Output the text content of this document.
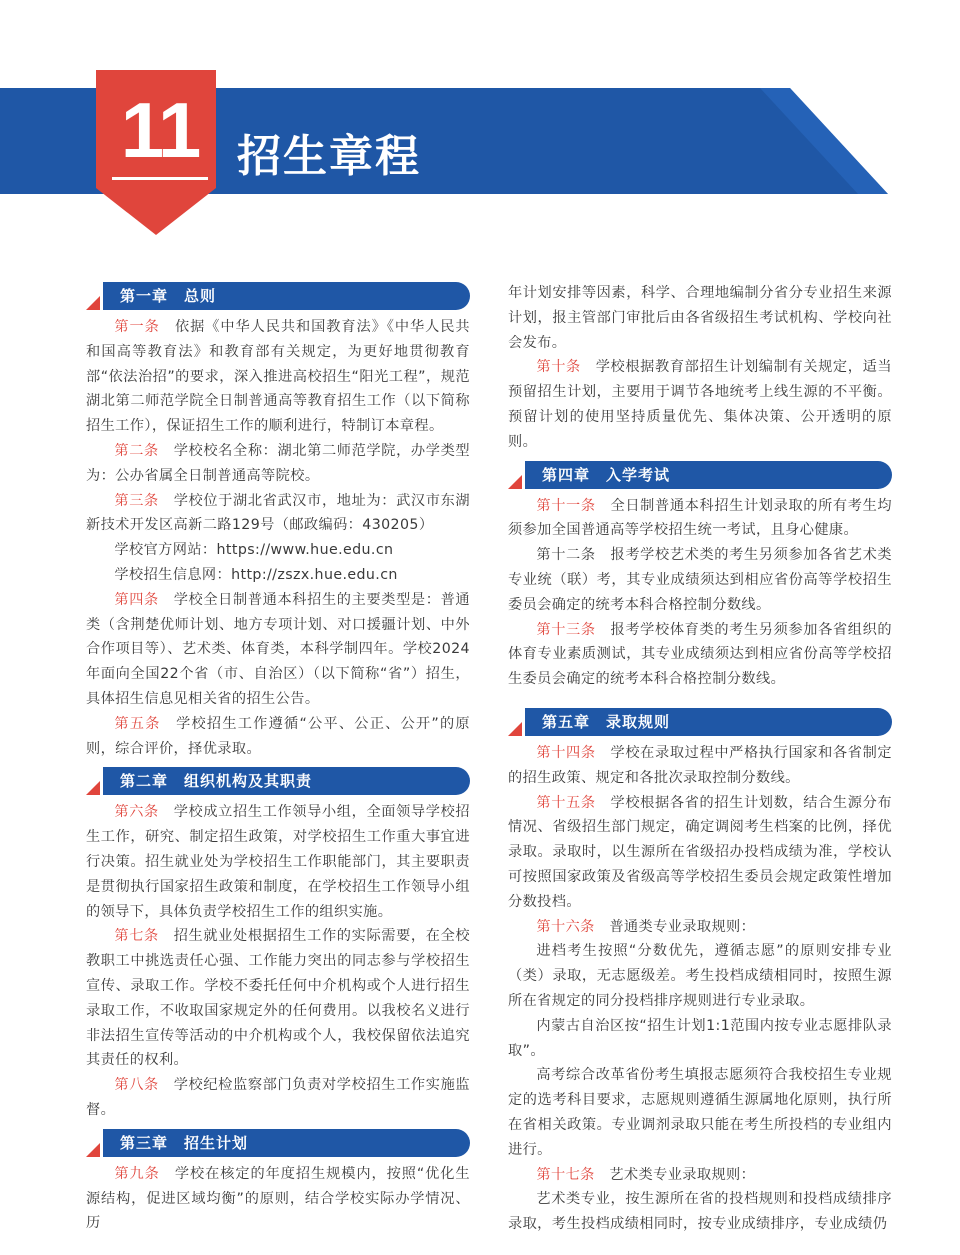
11 招生章程
第一章　总则

第一条　 依据《中华人民共和国教育法》《中华人民共和国高等教育法》和教育部有关规定，为更好地贯彻教育部“依法治招”的要求，深入推进高校招生“阳光工程”，规范湖北第二师范学院全日制普通高等教育招生工作（以下简称招生工作），保证招生工作的顺利进行，特制订本章程。

第二条　 学校校名全称：湖北第二师范学院，办学类型为：公办省属全日制普通高等院校。

第三条　 学校位于湖北省武汉市，地址为：武汉市东湖新技术开发区高新二路129号（邮政编码：430205）

学校官方网站：https://www.hue.edu.cn

学校招生信息网：http://zszx.hue.edu.cn

第四条　 学校全日制普通本科招生的主要类型是：普通类（含荆楚优师计划、地方专项计划、对口援疆计划、中外合作项目等）、艺术类、体育类，本科学制四年。学校2024年面向全国22个省（市、自治区）（以下简称“省”）招生，具体招生信息见相关省的招生公告。

第五条　 学校招生工作遵循“公平、公正、公开”的原则，综合评价，择优录取。

第二章　组织机构及其职责

第六条　 学校成立招生工作领导小组，全面领导学校招生工作，研究、制定招生政策，对学校招生工作重大事宜进行决策。招生就业处为学校招生工作职能部门，其主要职责是贯彻执行国家招生政策和制度，在学校招生工作领导小组的领导下，具体负责学校招生工作的组织实施。

第七条　 招生就业处根据招生工作的实际需要，在全校教职工中挑选责任心强、工作能力突出的同志参与学校招生宣传、录取工作。学校不委托任何中介机构或个人进行招生录取工作，不收取国家规定外的任何费用。以我校名义进行非法招生宣传等活动的中介机构或个人，我校保留依法追究其责任的权利。

第八条　 学校纪检监察部门负责对学校招生工作实施监督。

第三章　招生计划

第九条　 学校在核定的年度招生规模内，按照“优化生源结构，促进区域均衡”的原则，结合学校实际办学情况、历

年计划安排等因素，科学、合理地编制分省分专业招生来源计划，报主管部门审批后由各省级招生考试机构、学校向社会发布。

第十条　 学校根据教育部招生计划编制有关规定，适当预留招生计划，主要用于调节各地统考上线生源的不平衡。预留计划的使用坚持质量优先、集体决策、公开透明的原则。

第四章　入学考试

第十一条　 全日制普通本科招生计划录取的所有考生均须参加全国普通高等学校招生统一考试，且身心健康。

第十二条　报考学校艺术类的考生另须参加各省艺术类专业统（联）考，其专业成绩须达到相应省份高等学校招生委员会确定的统考本科合格控制分数线。

第十三条　 报考学校体育类的考生另须参加各省组织的体育专业素质测试，其专业成绩须达到相应省份高等学校招生委员会确定的统考本科合格控制分数线。

第五章　录取规则

第十四条　 学校在录取过程中严格执行国家和各省制定的招生政策、规定和各批次录取控制分数线。

第十五条　 学校根据各省的招生计划数，结合生源分布情况、省级招生部门规定，确定调阅考生档案的比例，择优录取。录取时，以生源所在省级招办投档成绩为准，学校认可按照国家政策及省级高等学校招生委员会规定政策性增加分数投档。

第十六条　 普通类专业录取规则：

进档考生按照“分数优先，遵循志愿”的原则安排专业（类）录取，无志愿级差。考生投档成绩相同时，按照生源所在省规定的同分投档排序规则进行专业录取。

内蒙古自治区按“招生计划1:1范围内按专业志愿排队录取”。

高考综合改革省份考生填报志愿须符合我校招生专业规定的选考科目要求，志愿规则遵循生源属地化原则，执行所在省相关政策。专业调剂录取只能在考生所投档的专业组内进行。

第十七条　 艺术类专业录取规则：

艺术类专业，按生源所在省的投档规则和投档成绩排序录取，考生投档成绩相同时，按专业成绩排序，专业成绩仍
